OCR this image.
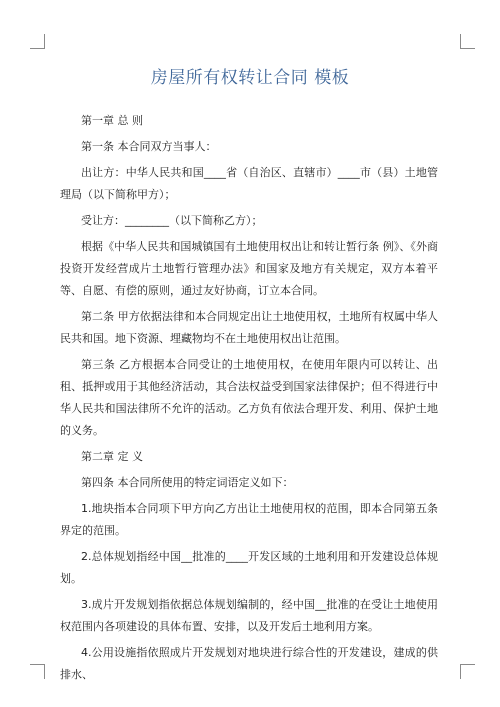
房屋所有权转让合同 模板

第一章 总 则

第一条 本合同双方当事人：

出让方：中华人民共和国____省（自治区、直辖市）____市（县）土地管理局（以下简称甲方）；

受让方：________（以下简称乙方）；

根据《中华人民共和国城镇国有土地使用权出让和转让暂行条 例》、《外商投资开发经营成片土地暂行管理办法》和国家及地方有关规定，双方本着平等、自愿、有偿的原则，通过友好协商，订立本合同。

第二条 甲方依据法律和本合同规定出让土地使用权，土地所有权属中华人民共和国。地下资源、埋藏物均不在土地使用权出让范围。

第三条 乙方根据本合同受让的土地使用权，在使用年限内可以转让、出租、抵押或用于其他经济活动，其合法权益受到国家法律保护；但不得进行中华人民共和国法律所不允许的活动。乙方负有依法合理开发、利用、保护土地的义务。

第二章 定 义

第四条 本合同所使用的特定词语定义如下：

1.地块指本合同项下甲方向乙方出让土地使用权的范围，即本合同第五条 界定的范围。

2.总体规划指经中国__批准的____开发区域的土地利用和开发建设总体规划。

3.成片开发规划指依据总体规划编制的，经中国__批准的在受让土地使用权范围内各项建设的具体布置、安排，以及开发后土地利用方案。

4.公用设施指依照成片开发规划对地块进行综合性的开发建设，建成的供排水、
